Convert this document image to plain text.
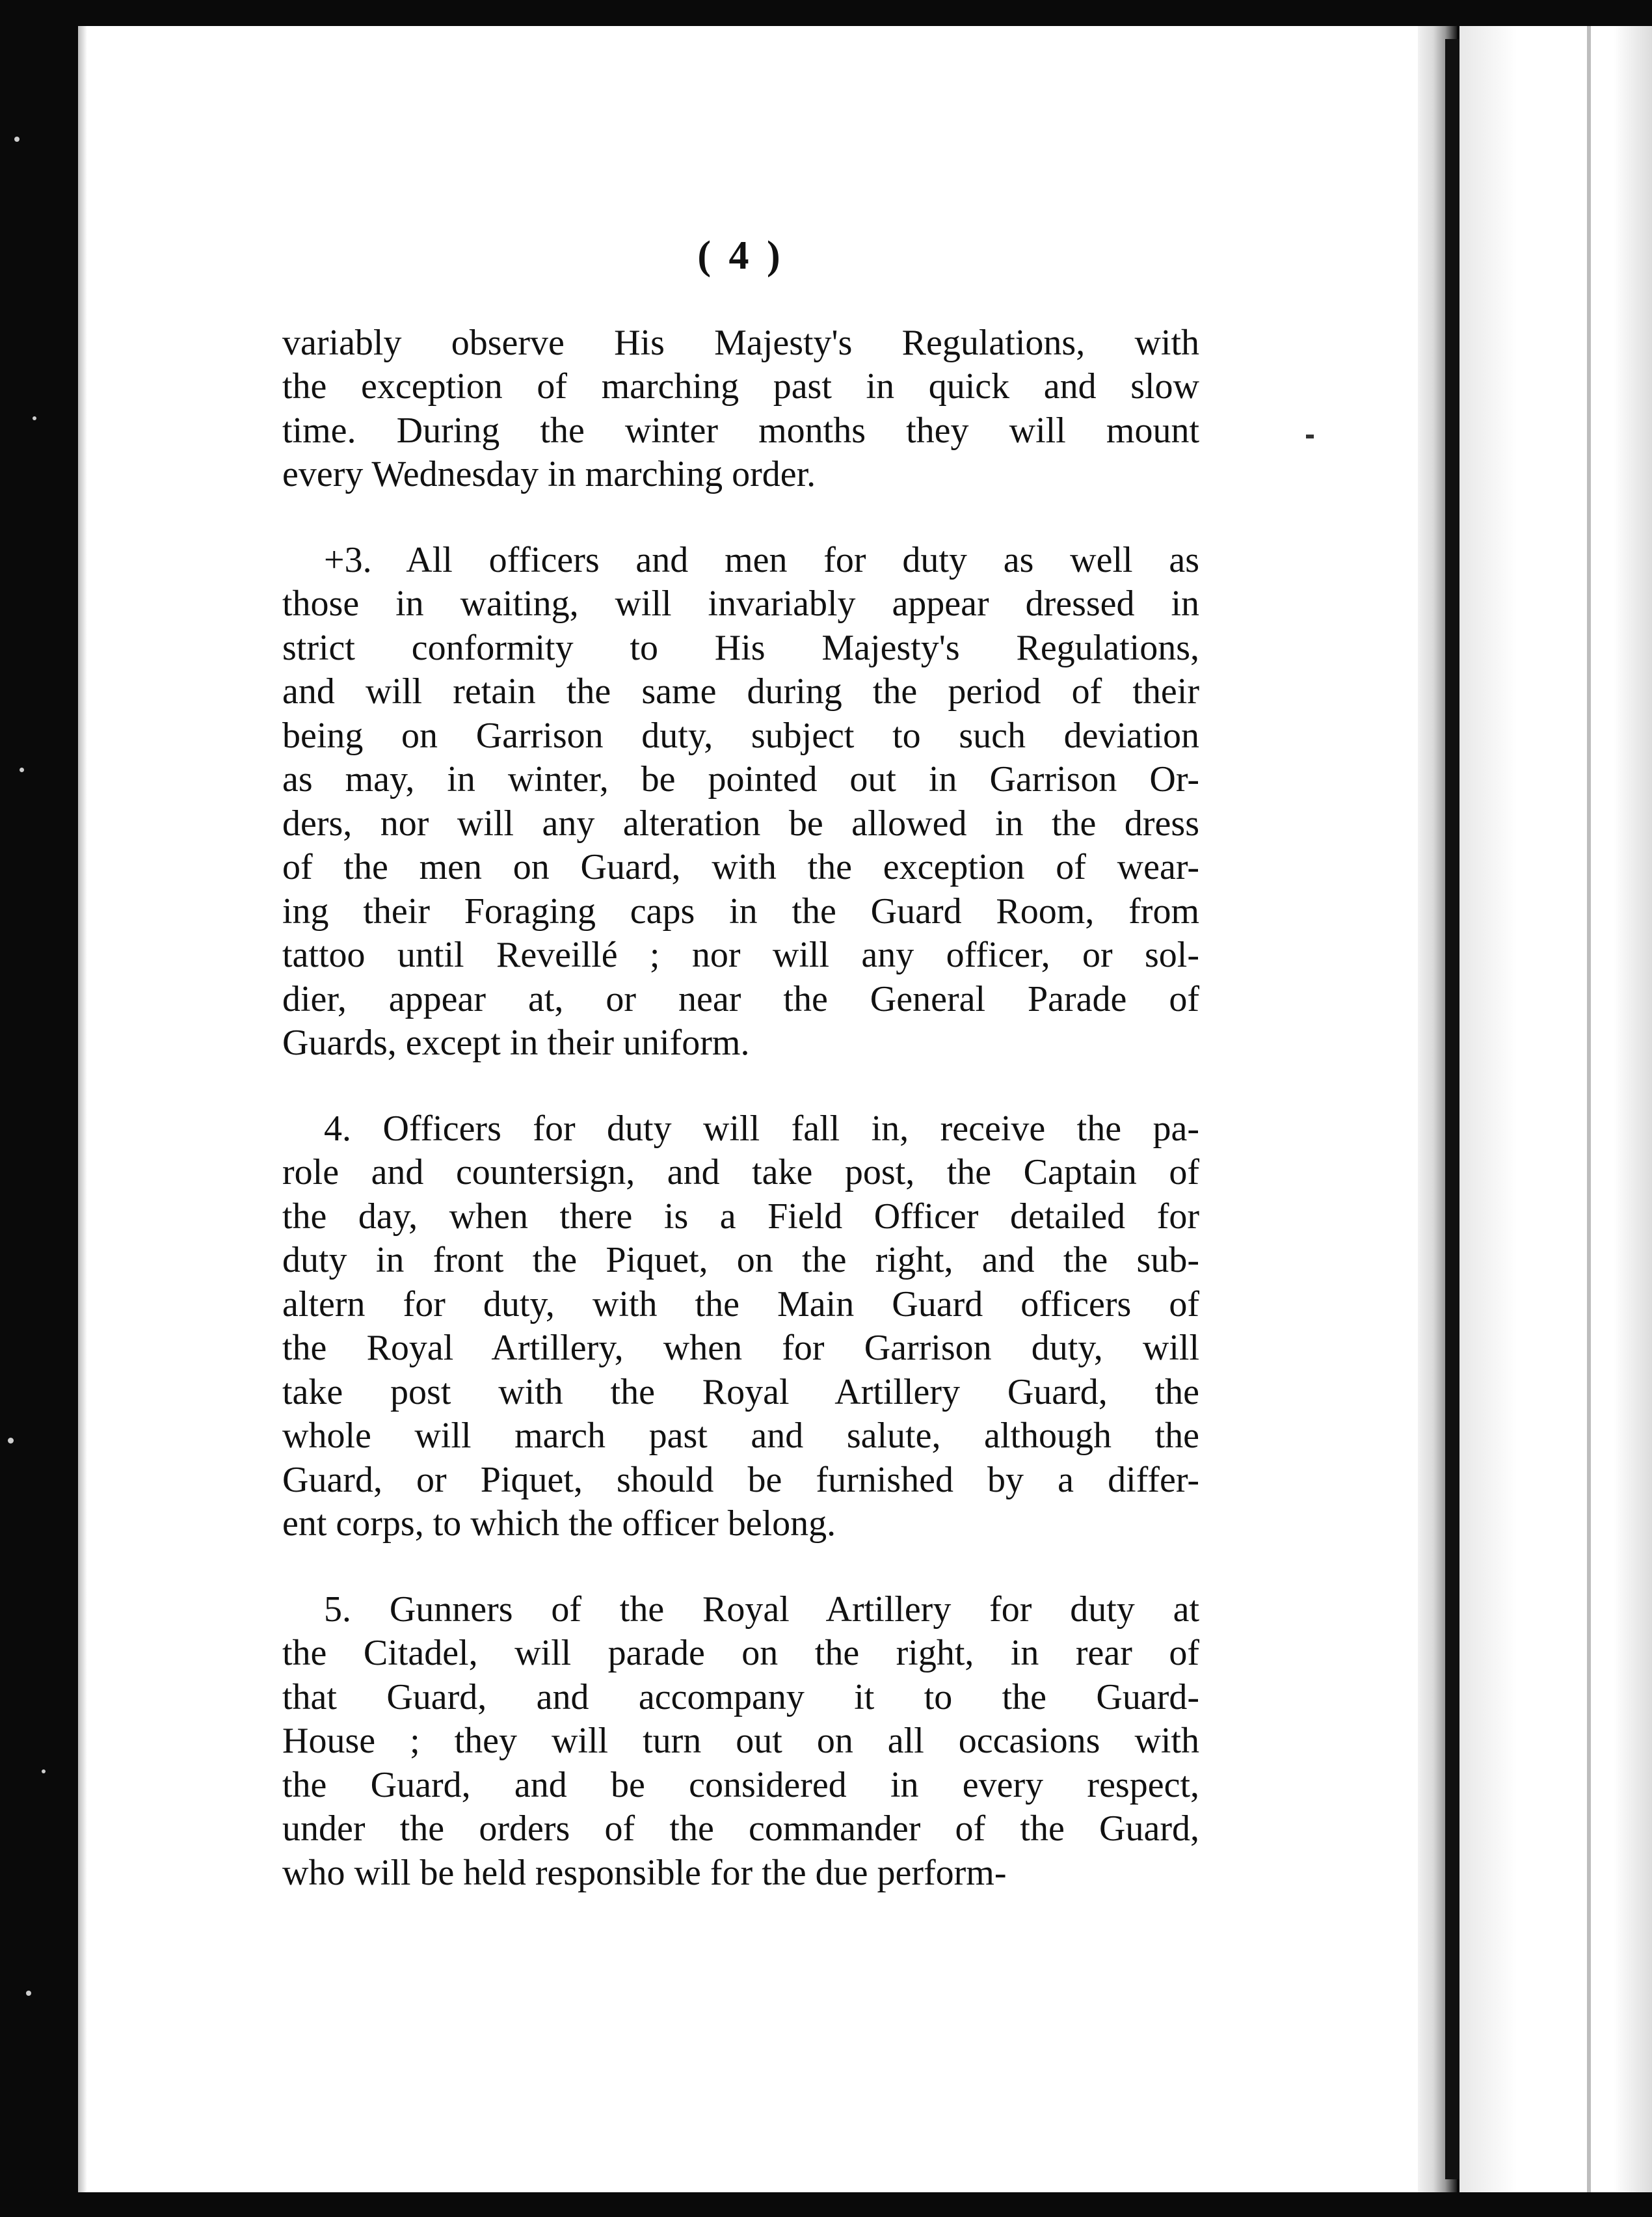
( 4 )
variably observe His Majesty's Regulations, with
the exception of marching past in quick and slow
time. During the winter months they will mount
every Wednesday in marching order.
+3. All officers and men for duty as well as
those in waiting, will invariably appear dressed in
strict conformity to His Majesty's Regulations,
and will retain the same during the period of their
being on Garrison duty, subject to such deviation
as may, in winter, be pointed out in Garrison Or-
ders, nor will any alteration be allowed in the dress
of the men on Guard, with the exception of wear-
ing their Foraging caps in the Guard Room, from
tattoo until Reveillé ; nor will any officer, or sol-
dier, appear at, or near the General Parade of
Guards, except in their uniform.
4. Officers for duty will fall in, receive the pa-
role and countersign, and take post, the Captain of
the day, when there is a Field Officer detailed for
duty in front the Piquet, on the right, and the sub-
altern for duty, with the Main Guard officers of
the Royal Artillery, when for Garrison duty, will
take post with the Royal Artillery Guard, the
whole will march past and salute, although the
Guard, or Piquet, should be furnished by a differ-
ent corps, to which the officer belong.
5. Gunners of the Royal Artillery for duty at
the Citadel, will parade on the right, in rear of
that Guard, and accompany it to the Guard-
House ; they will turn out on all occasions with
the Guard, and be considered in every respect,
under the orders of the commander of the Guard,
who will be held responsible for the due perform-
